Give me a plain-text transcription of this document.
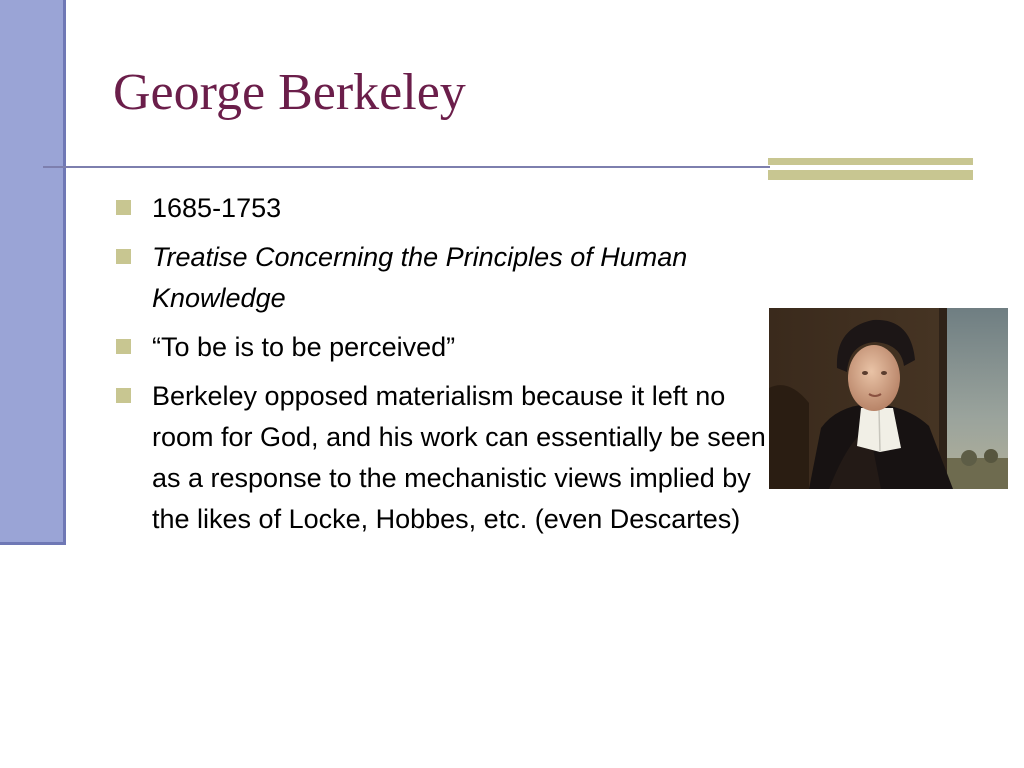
George Berkeley
1685-1753
Treatise Concerning the Principles of Human Knowledge
“To be is to be perceived”
Berkeley opposed materialism because it left no room for God, and his work can essentially be seen as a response to the mechanistic views implied by the likes of Locke, Hobbes, etc. (even Descartes)
